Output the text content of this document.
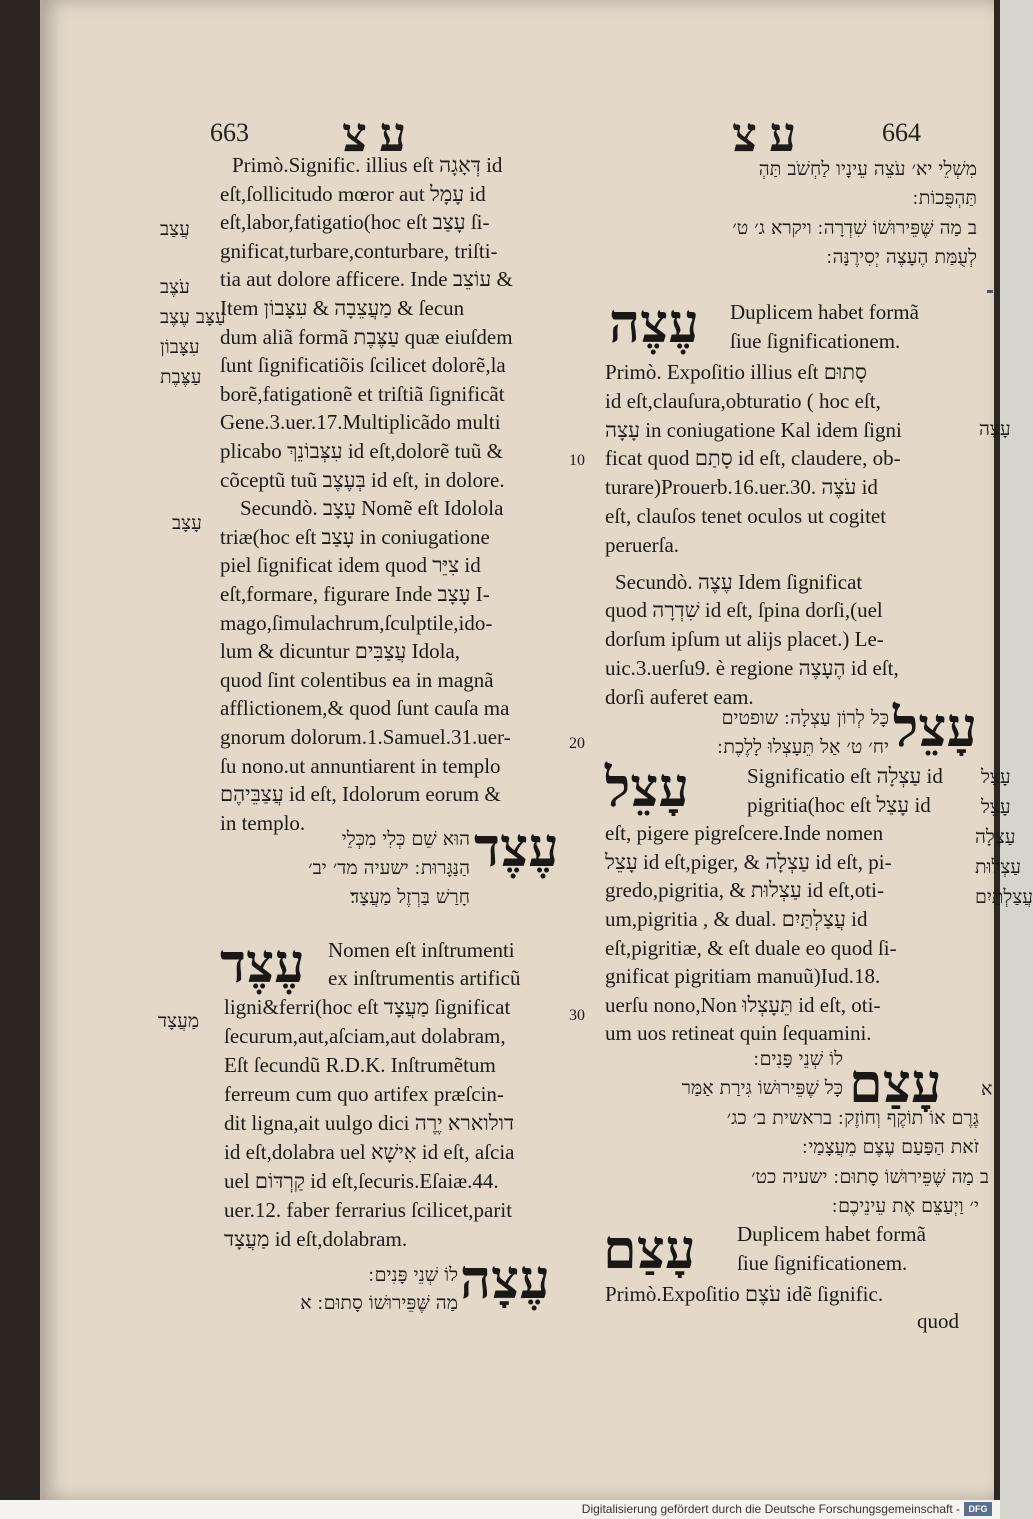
663 ע צ
Primò.Signific. illius eſt דְּאָגָה id
eſt,ſollicitudo mœror aut עָמָל id
eſt,labor,fatigatio(hoc eſt עָצַב ſi-
gnificat,turbare,conturbare, triſti-
tia aut dolore afficere. Inde עוֹצֵב &
Item מַעֲצֵבָה & עִצָּבוֹן & ſecun
dum aliã formã עַצֶּבֶת quæ eiuſdem
ſunt ſignificatiõis ſcilicet dolorẽ,la
borẽ,fatigationẽ et triſtiã ſignificãt
Gene.3.uer.17.Multiplicãdo multi
plicabo עִצְּבוֹנֵךְ id eſt,dolorẽ tuũ &
cõceptũ tuũ בְּעֶצֶב id eſt, in dolore.
Secundò. עָצָב Nomẽ eſt Idolola
triæ(hoc eſt עָצַב in coniugatione
piel ſignificat idem quod צִיֵּר id
eſt,formare, figurare Inde עָצָב I-
mago,ſimulachrum,ſculptile,ido-
lum & dicuntur עֲצַבִּים Idola,
quod ſint colentibus ea in magnã
afflictionem,& quod ſunt cauſa ma
gnorum dolorum.1.Samuel.31.uer-
ſu nono.ut annuntiarent in templo
עֲצַבֵּיהֶם id eſt, Idolorum eorum &
in templo.
עֲצַב
עֹצֶב
עַצָּב עֶצֶב
עִצָּבוֹן
עַצֶּבֶת
עָצָב
10
20
30
עֶצֶד
הוּא שֵׁם כְּלִי מִכְּלֵי
הַנַּגָּרוּת ׃ ישעיה מד׳ יב׳
חָרַשׁ בַּרְזֶל מַעֲצָד׃
עֶצֶד Nomen eſt inſtrumenti
ex inſtrumentis artificũ
ligni&ferri(hoc eſt מַעֲצָד ſignificat
ſecurum,aut,aſciam,aut dolabram,
Eſt ſecundũ R.D.K. Inſtrumẽtum
ferreum cum quo artifex præſcin-
dit ligna,ait uulgo dici דולוארא יֶרֶה
id eſt,dolabra uel אִישָׁא id eſt, aſcia
uel קַרְדּוֹם id eſt,ſecuris.Eſaiæ.44.
uer.12. faber ferrarius ſcilicet,parit
מַעֲצָד id eſt,dolabram.
מַעֲצָד
עֶצָה
לוֹ שְׁנֵי פָּנִים ׃
מַה שֶּׁפֵּירוּשׁוֹ סָתוּם ׃ א
ע צ	664
מִשְׁלֵי יא׳ עֹצֵה עֵינָיו לַחְשֹׁב תַּהְ
תַּהְפֻּכוֹת ׃
ב מַה שֶּׁפֵּירוּשׁוֹ שִׁדְרָה ׃ ויקרא ג׳ ט׳
לְעֻמַּת הֶעָצֶה יְסִירֶנָּה ׃
עֶצֶה Duplicem habet formã
ſiue ſignificationem.
Primò. Expoſitio illius eſt סָתוּם
id eſt,clauſura,obturatio ( hoc eſt,
עָצָה in coniugatione Kal idem ſigni
ficat quod סָתַם id eſt, claudere, ob-
turare)Prouerb.16.uer.30. עֹצֶה id
eſt, clauſos tenet oculos ut cogitet
peruerſa.
Secundò. עֶצֶה Idem ſignificat
quod שִׁדְרָה id eſt, ſpina dorſi,(uel
dorſum ipſum ut alijs placet.) Le-
uic.3.uerſu9. è regione הֶעָצֶה id eſt,
dorſi auferet eam.
עָצָה
עָצֵל
כָּל לְרוֹן עַצְלָה ׃ שופטים
יח׳ ט׳ אַל תֵּעָצְלוּ לָלֶכֶת ׃
עָצֵל	Significatio eſt עַצְלָה id
pigritia(hoc eſt עָצַל id
eſt, pigere pigreſcere.Inde nomen
עָצֵל id eſt,piger, & עַצְלָה id eſt, pi-
gredo,pigritia, & עַצְלוּת id eſt,oti-
um,pigritia , & dual. עֲצַלְתַּיִם id
eſt,pigritiæ, & eſt duale eo quod ſi-
gnificat pigritiam manuũ)Iud.18.
uerſu nono,Non תֵּעָצְלוּ id eſt, oti-
um uos retineat quin ſequamini.
עָצַל
עָצֵל
עַצְלָה
עַצְלוּת
עֲצַלְתַּיִם
עָצַם
לוֹ שְׁנֵי פָּנִים ׃
כָּל שֶׁפֵּירוּשׁוֹ גִּירַת אַמַּר
גֶּרֶם אוֹ תוֹקֶף וְחוֹזֶק ׃ בראשית ב׳ כג׳
זֹאת הַפַּעַם עֶצֶם מֵעֲצָמַי ׃
ב מַה שֶּׁפֵּירוּשׁוֹ סָתוּם ׃ ישעיה כט׳
י׳ וַיְעַצֵּם אֶת עֵינֵיכֶם ׃
א
עָצַם Duplicem habet formã
ſiue ſignificationem.
Primò.Expoſitio עֹצֶם idẽ ſignific.
quod
Digitalisierung gefördert durch die Deutsche Forschungsgemeinschaft - DFG
